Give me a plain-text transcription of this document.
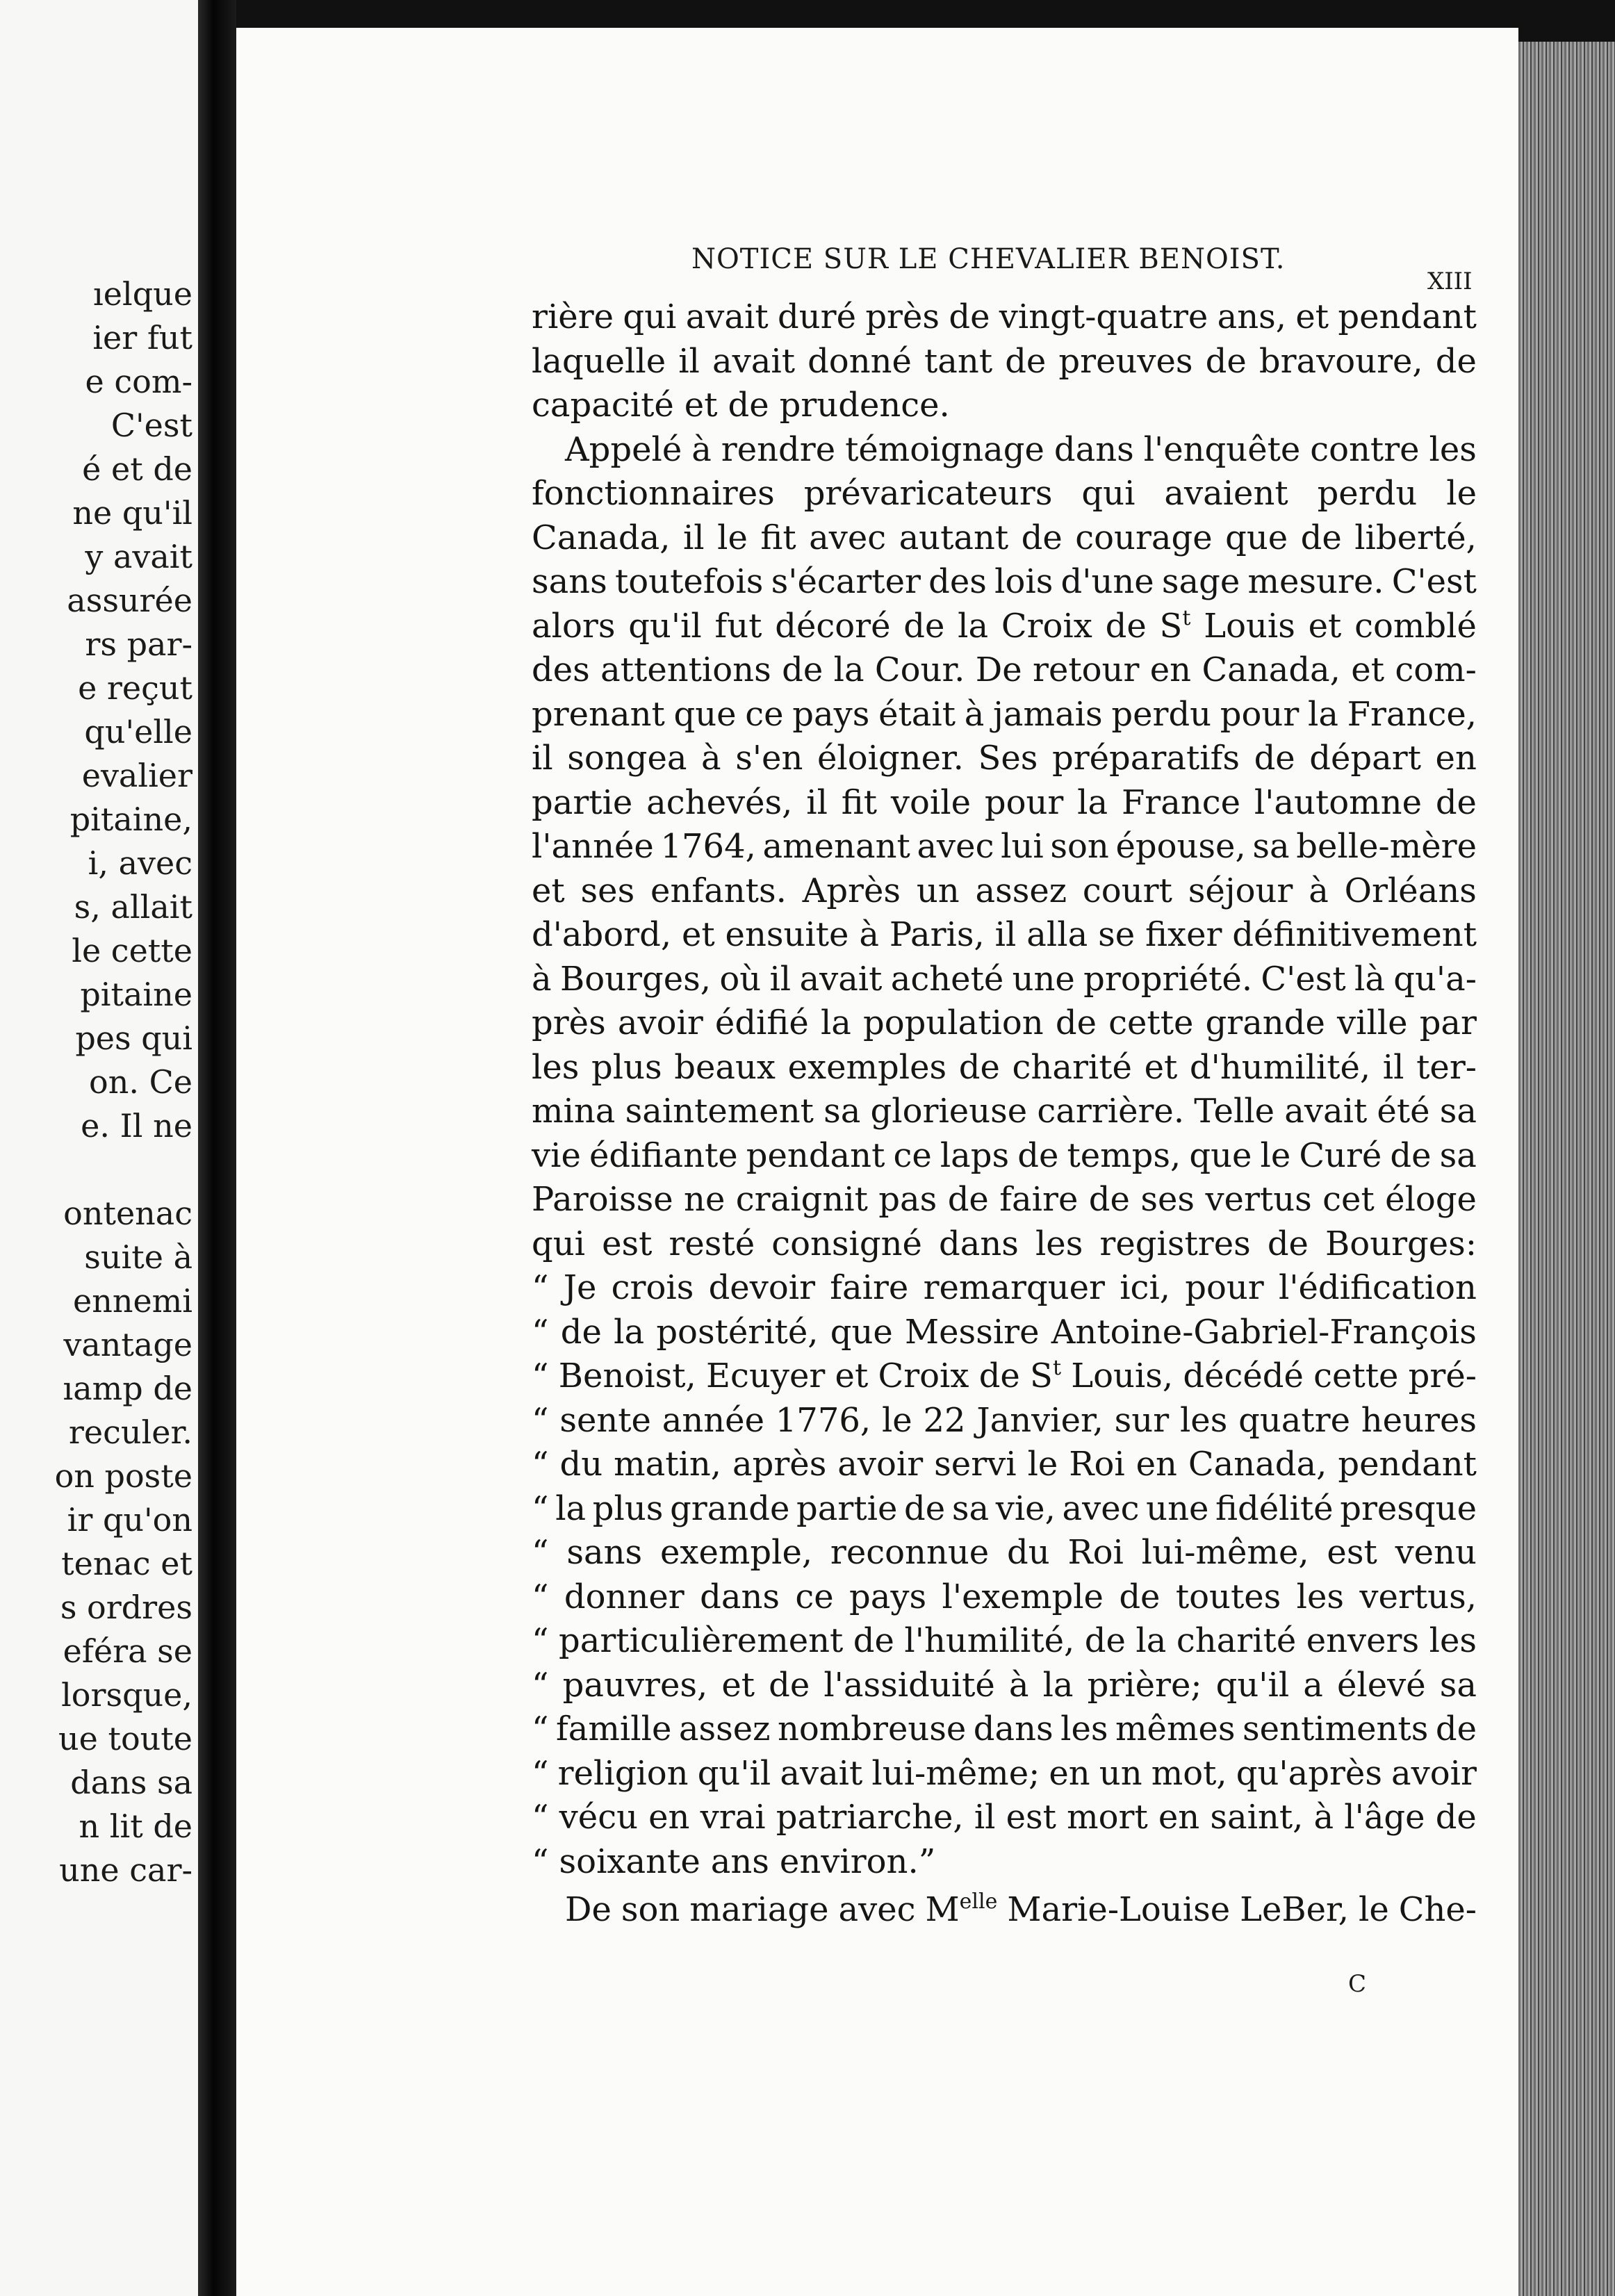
ıelque
ier fut
e com-
C'est
é et de
ne qu'il
y avait
assurée
rs par-
e reçut
qu'elle
evalier
pitaine,
i, avec
s, allait
le cette
pitaine
pes qui
on. Ce
e. Il ne
ontenac
suite à
ennemi
vantage
ıamp de
reculer.
on poste
ir qu'on
tenac et
s ordres
eféra se
lorsque,
ue toute
dans sa
n lit de
une car-
NOTICE SUR LE CHEVALIER BENOIST.
XIII
rière qui avait duré près de vingt-quatre ans, et pendant
laquelle il avait donné tant de preuves de bravoure, de
capacité et de prudence.
Appelé à rendre témoignage dans l'enquête contre les
fonctionnaires prévaricateurs qui avaient perdu le
Canada, il le fit avec autant de courage que de liberté,
sans toutefois s'écarter des lois d'une sage mesure. C'est
alors qu'il fut décoré de la Croix de $S^t$ Louis et comblé
des attentions de la Cour. De retour en Canada, et com-
prenant que ce pays était à jamais perdu pour la France,
il songea à s'en éloigner. Ses préparatifs de départ en
partie achevés, il fit voile pour la France l'automne de
l'année 1764, amenant avec lui son épouse, sa belle-mère
et ses enfants. Après un assez court séjour à Orléans
d'abord, et ensuite à Paris, il alla se fixer définitivement
à Bourges, où il avait acheté une propriété. C'est là qu'a-
près avoir édifié la population de cette grande ville par
les plus beaux exemples de charité et d'humilité, il ter-
mina saintement sa glorieuse carrière. Telle avait été sa
vie édifiante pendant ce laps de temps, que le Curé de sa
Paroisse ne craignit pas de faire de ses vertus cet éloge
qui est resté consigné dans les registres de Bourges:
“ Je crois devoir faire remarquer ici, pour l'édification
“ de la postérité, que Messire Antoine-Gabriel-François
“ Benoist, Ecuyer et Croix de $S^t$ Louis, décédé cette pré-
“ sente année 1776, le 22 Janvier, sur les quatre heures
“ du matin, après avoir servi le Roi en Canada, pendant
“ la plus grande partie de sa vie, avec une fidélité presque
“ sans exemple, reconnue du Roi lui-même, est venu
“ donner dans ce pays l'exemple de toutes les vertus,
“ particulièrement de l'humilité, de la charité envers les
“ pauvres, et de l'assiduité à la prière; qu'il a élevé sa
“ famille assez nombreuse dans les mêmes sentiments de
“ religion qu'il avait lui-même; en un mot, qu'après avoir
“ vécu en vrai patriarche, il est mort en saint, à l'âge de
“ soixante ans environ.”
De son mariage avec $M^{elle}$ Marie-Louise LeBer, le Che-
C
